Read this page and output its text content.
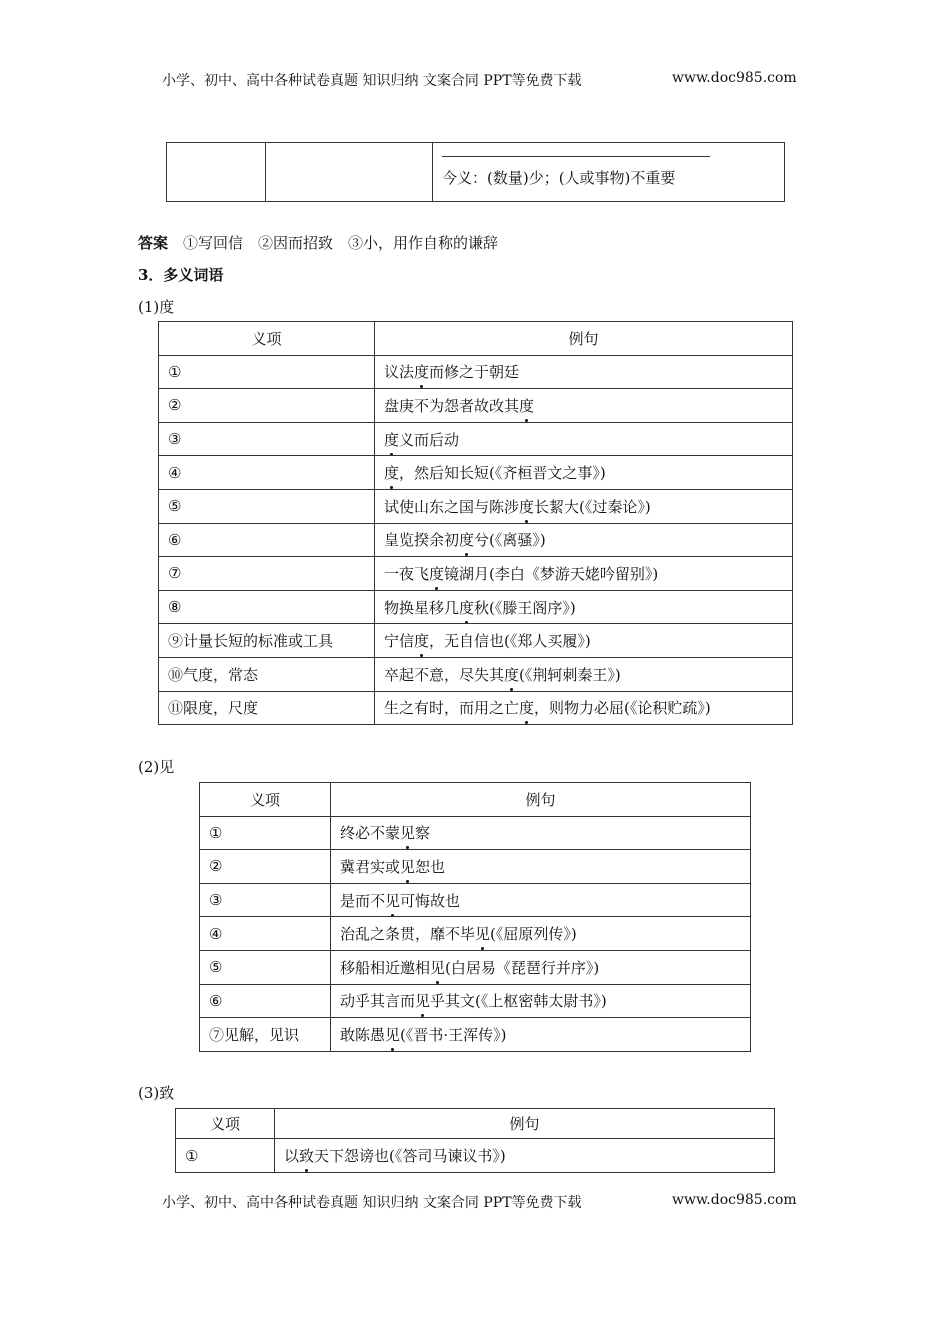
小学、初中、高中各种试卷真题 知识归纳 文案合同 PPT等免费下载	www.doc985.com

今义：(数量)少；(人或事物)不重要
答案　 ①写回信　②因而招致　③小，用作自称的谦辞
3．多义词语
(1)度
义项	例句
①	议法度而修之于朝廷
②	盘庚不为怨者故改其度
③	度义而后动
④	度，然后知长短(《齐桓晋文之事》)
⑤	试使山东之国与陈涉度长絜大(《过秦论》)
⑥	皇览揆余初度兮(《离骚》)
⑦	一夜飞度镜湖月(李白《梦游天姥吟留别》)
⑧	物换星移几度秋(《滕王阁序》)
⑨计量长短的标准或工具	宁信度，无自信也(《郑人买履》)
⑩气度，常态	卒起不意，尽失其度(《荆轲刺秦王》)
⑪限度，尺度	生之有时，而用之亡度，则物力必屈(《论积贮疏》)
(2)见
义项	例句
①	终必不蒙见察
②	冀君实或见恕也
③	是而不见可悔故也
④	治乱之条贯，靡不毕见(《屈原列传》)
⑤	移船相近邀相见(白居易《琵琶行并序》)
⑥	动乎其言而见乎其文(《上枢密韩太尉书》)
⑦见解，见识	敢陈愚见(《晋书·王浑传》)
(3)致
义项	例句
①	以致天下怨谤也(《答司马谏议书》)
小学、初中、高中各种试卷真题 知识归纳 文案合同 PPT等免费下载	www.doc985.com
